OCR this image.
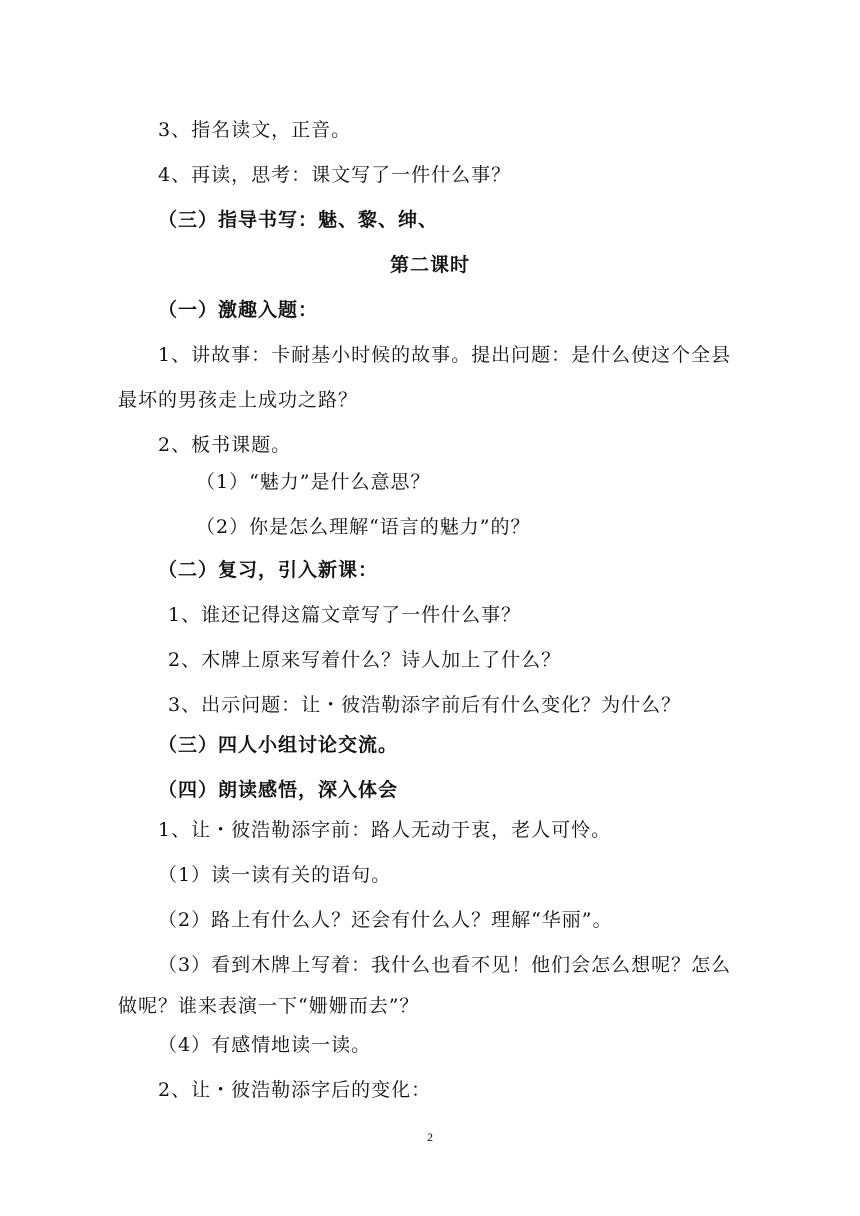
3、指名读文，正音。
4、再读，思考：课文写了一件什么事？
（三）指导书写：魅、黎、绅、
第二课时
（一）激趣入题：
1、讲故事：卡耐基小时候的故事。提出问题：是什么使这个全县
最坏的男孩走上成功之路？
2、板书课题。
（1）“魅力”是什么意思？
（2）你是怎么理解“语言的魅力”的？
（二）复习，引入新课：
1、谁还记得这篇文章写了一件什么事？
2、木牌上原来写着什么？诗人加上了什么？
3、出示问题：让・彼浩勒添字前后有什么变化？为什么？
（三）四人小组讨论交流。
（四）朗读感悟，深入体会
1、让・彼浩勒添字前：路人无动于衷，老人可怜。
（1）读一读有关的语句。
（2）路上有什么人？还会有什么人？理解“华丽”。
（3）看到木牌上写着：我什么也看不见！他们会怎么想呢？怎么
做呢？谁来表演一下“姗姗而去”？
（4）有感情地读一读。
2、让・彼浩勒添字后的变化：
2
